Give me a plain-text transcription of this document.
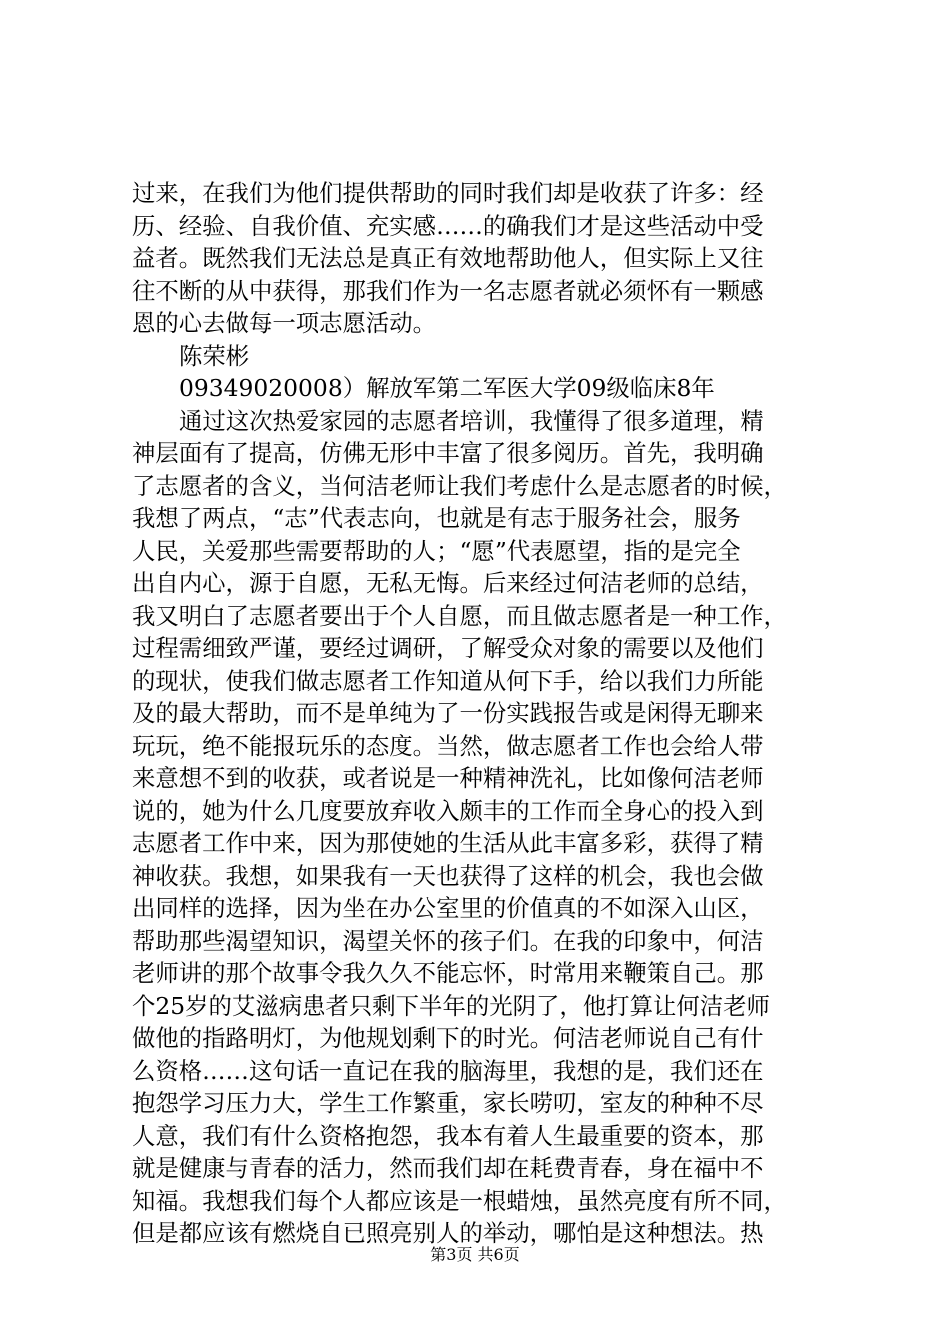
过来，在我们为他们提供帮助的同时我们却是收获了许多：经
历、经验、自我价值、充实感……的确我们才是这些活动中受
益者。既然我们无法总是真正有效地帮助他人，但实际上又往
往不断的从中获得，那我们作为一名志愿者就必须怀有一颗感
恩的心去做每一项志愿活动。
陈荣彬
09349020008）解放军第二军医大学09级临床8年
通过这次热爱家园的志愿者培训，我懂得了很多道理，精
神层面有了提高，仿佛无形中丰富了很多阅历。首先，我明确
了志愿者的含义，当何洁老师让我们考虑什么是志愿者的时候，
我想了两点，“志”代表志向，也就是有志于服务社会，服务
人民，关爱那些需要帮助的人；“愿”代表愿望，指的是完全
出自内心，源于自愿，无私无悔。后来经过何洁老师的总结，
我又明白了志愿者要出于个人自愿，而且做志愿者是一种工作，
过程需细致严谨，要经过调研，了解受众对象的需要以及他们
的现状，使我们做志愿者工作知道从何下手，给以我们力所能
及的最大帮助，而不是单纯为了一份实践报告或是闲得无聊来
玩玩，绝不能报玩乐的态度。当然，做志愿者工作也会给人带
来意想不到的收获，或者说是一种精神洗礼，比如像何洁老师
说的，她为什么几度要放弃收入颇丰的工作而全身心的投入到
志愿者工作中来，因为那使她的生活从此丰富多彩，获得了精
神收获。我想，如果我有一天也获得了这样的机会，我也会做
出同样的选择，因为坐在办公室里的价值真的不如深入山区，
帮助那些渴望知识，渴望关怀的孩子们。在我的印象中，何洁
老师讲的那个故事令我久久不能忘怀，时常用来鞭策自己。那
个25岁的艾滋病患者只剩下半年的光阴了，他打算让何洁老师
做他的指路明灯，为他规划剩下的时光。何洁老师说自己有什
么资格……这句话一直记在我的脑海里，我想的是，我们还在
抱怨学习压力大，学生工作繁重，家长唠叨，室友的种种不尽
人意，我们有什么资格抱怨，我本有着人生最重要的资本，那
就是健康与青春的活力，然而我们却在耗费青春，身在福中不
知福。我想我们每个人都应该是一根蜡烛，虽然亮度有所不同，
但是都应该有燃烧自已照亮别人的举动，哪怕是这种想法。热
第3页 共6页
